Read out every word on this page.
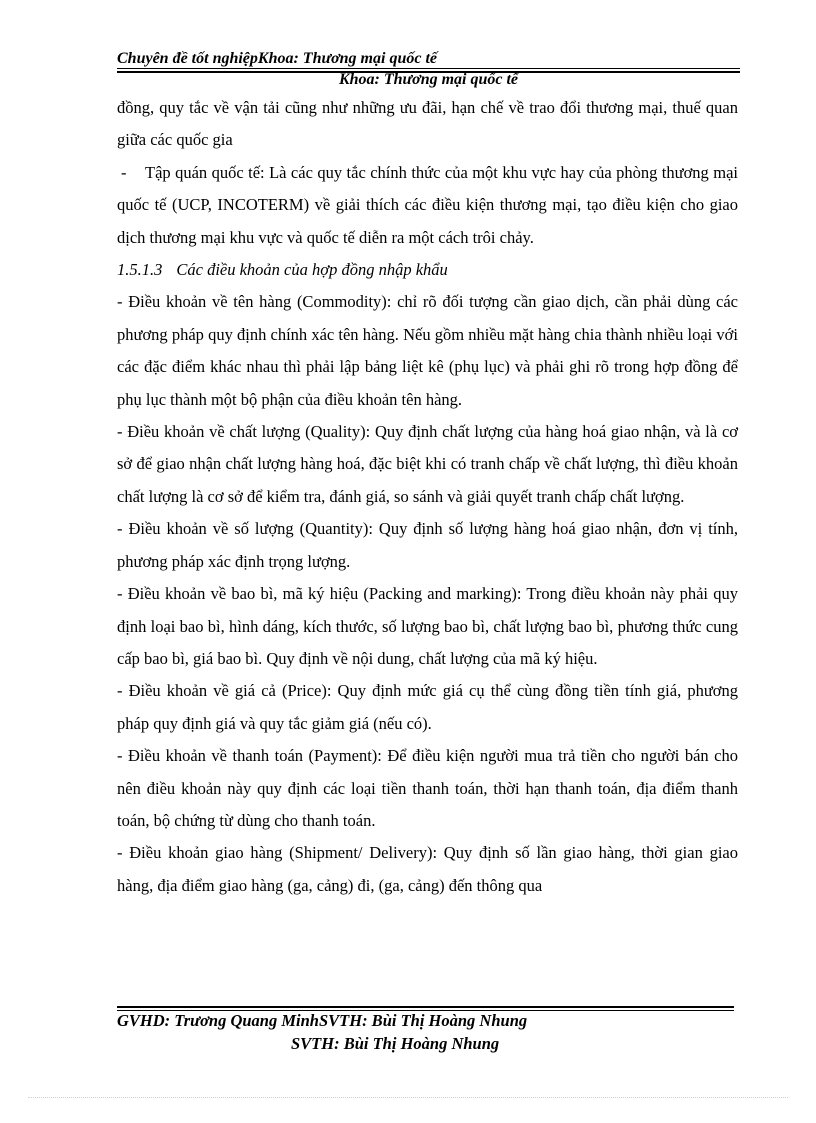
Chuyên đề tốt nghiệpKhoa: Thương mại quốc tế
Khoa: Thương mại quốc tế

đồng, quy tắc về vận tải cũng như những ưu đãi, hạn chế về trao đổi thương mại, thuế quan giữa các quốc gia

- Tập quán quốc tế: Là các quy tắc chính thức của một khu vực hay của phòng thương mại quốc tế (UCP, INCOTERM) về giải thích các điều kiện thương mại, tạo điều kiện cho giao dịch thương mại khu vực và quốc tế diễn ra một cách trôi chảy.

1.5.1.3 Các điều khoản của hợp đồng nhập khẩu

- Điều khoản về tên hàng (Commodity): chỉ rõ đối tượng cần giao dịch, cần phải dùng các phương pháp quy định chính xác tên hàng. Nếu gồm nhiều mặt hàng chia thành nhiều loại với các đặc điểm khác nhau thì phải lập bảng liệt kê (phụ lục) và phải ghi rõ trong hợp đồng để phụ lục thành một bộ phận của điều khoản tên hàng.

- Điều khoản về chất lượng (Quality): Quy định chất lượng của hàng hoá giao nhận, và là cơ sở để giao nhận chất lượng hàng hoá, đặc biệt khi có tranh chấp về chất lượng, thì điều khoản chất lượng là cơ sở để kiểm tra, đánh giá, so sánh và giải quyết tranh chấp chất lượng.

- Điều khoản về số lượng (Quantity): Quy định số lượng hàng hoá giao nhận, đơn vị tính, phương pháp xác định trọng lượng.

- Điều khoản về bao bì, mã ký hiệu (Packing and marking): Trong điều khoản này phải quy định loại bao bì, hình dáng, kích thước, số lượng bao bì, chất lượng bao bì, phương thức cung cấp bao bì, giá bao bì. Quy định về nội dung, chất lượng của mã ký hiệu.

- Điều khoản về giá cả (Price): Quy định mức giá cụ thể cùng đồng tiền tính giá, phương pháp quy định giá và quy tắc giảm giá (nếu có).

- Điều khoản về thanh toán (Payment): Để điều kiện người mua trả tiền cho người bán cho nên điều khoản này quy định các loại tiền thanh toán, thời hạn thanh toán, địa điểm thanh toán, bộ chứng từ dùng cho thanh toán.

- Điều khoản giao hàng (Shipment/ Delivery): Quy định số lần giao hàng, thời gian giao hàng, địa điểm giao hàng (ga, cảng) đi, (ga, cảng) đến thông qua

GVHD: Trương Quang MinhSVTH: Bùi Thị Hoàng Nhung
SVTH: Bùi Thị Hoàng Nhung
